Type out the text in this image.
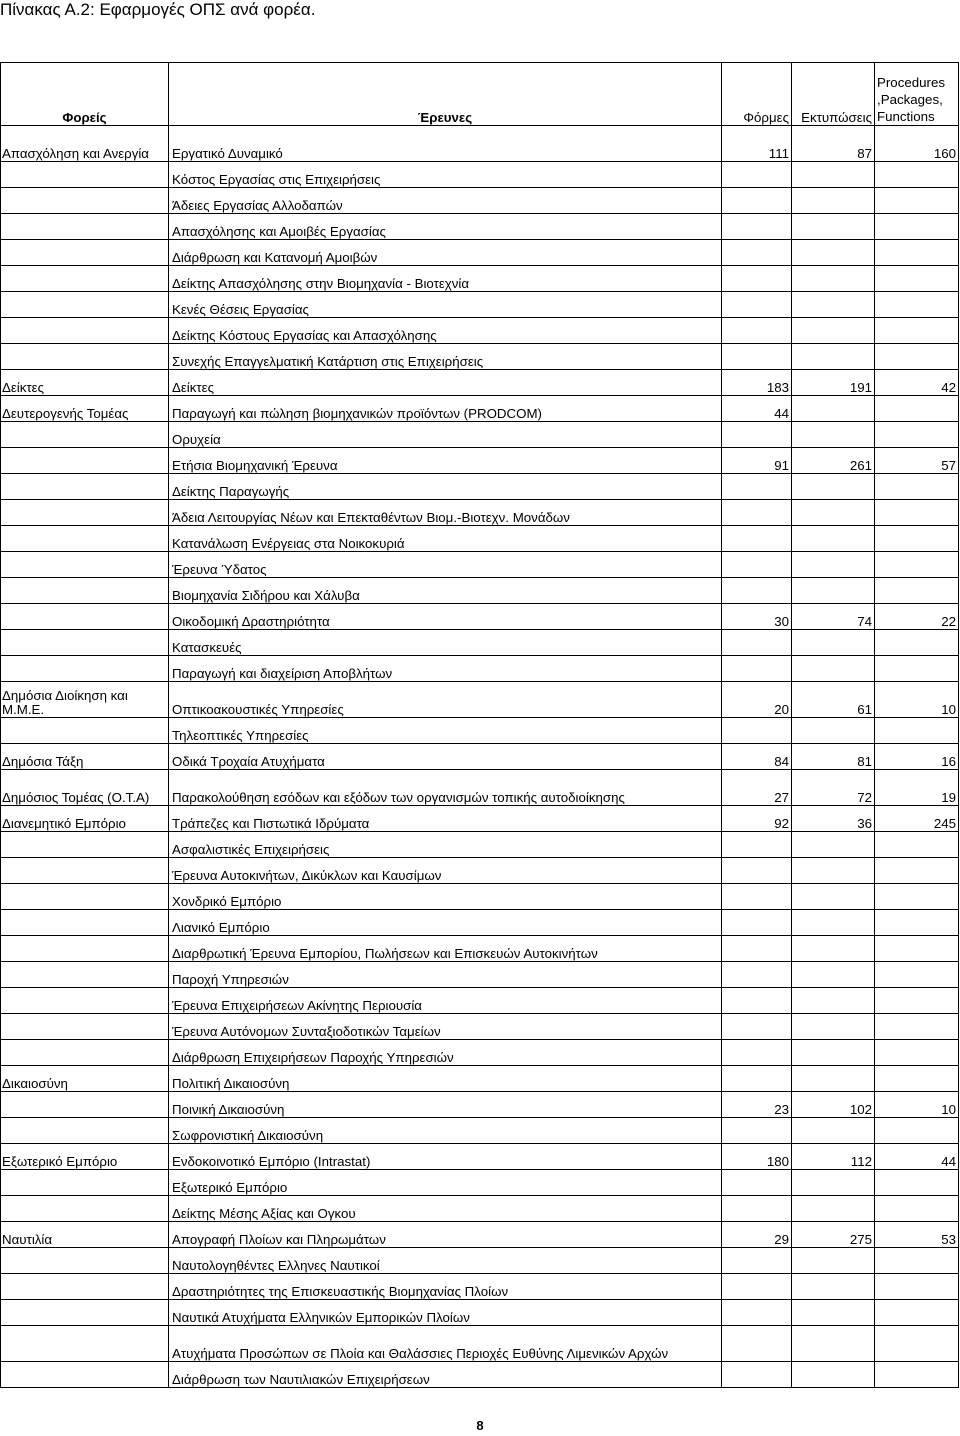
Πίνακας Α.2: Εφαρμογές ΟΠΣ ανά φορέα.
Φορείς	Έρευνες	Φόρμες	Εκτυπώσεις	Procedures ,Packages, Functions
Απασχόληση και Ανεργία	Εργατικό Δυναμικό	111	87	160
	Κόστος Εργασίας στις Επιχειρήσεις			
	Άδειες Εργασίας Αλλοδαπών			
	Απασχόλησης και Αμοιβές Εργασίας			
	Διάρθρωση και Κατανομή Αμοιβών			
	Δείκτης Απασχόλησης στην Βιομηχανία - Βιοτεχνία			
	Κενές Θέσεις Εργασίας			
	Δείκτης Κόστους Εργασίας και Απασχόλησης			
	Συνεχής Επαγγελματική Κατάρτιση στις Επιχειρήσεις			
Δείκτες	Δείκτες	183	191	42
Δευτερογενής Τομέας	Παραγωγή και πώληση βιομηχανικών προϊόντων (PRODCOM)	44		
	Ορυχεία			
	Ετήσια Βιομηχανική Έρευνα	91	261	57
	Δείκτης Παραγωγής			
	Άδεια Λειτουργίας Νέων και Επεκταθέντων Βιομ.-Βιοτεχν. Μονάδων			
	Κατανάλωση Ενέργειας στα Νοικοκυριά			
	Έρευνα Ύδατος			
	Βιομηχανία Σιδήρου και Χάλυβα			
	Οικοδομική Δραστηριότητα	30	74	22
	Κατασκευές			
	Παραγωγή και διαχείριση Αποβλήτων			
Δημόσια Διοίκηση και Μ.Μ.Ε.	Οπτικοακουστικές Υπηρεσίες	20	61	10
	Τηλεοπτικές Υπηρεσίες			
Δημόσια Τάξη	Οδικά Τροχαία Ατυχήματα	84	81	16
Δημόσιος Τομέας (Ο.Τ.Α)	Παρακολούθηση εσόδων και εξόδων των οργανισμών τοπικής αυτοδιοίκησης	27	72	19
Διανεμητικό Εμπόριο	Τράπεζες και Πιστωτικά Ιδρύματα	92	36	245
	Ασφαλιστικές Επιχειρήσεις			
	Έρευνα Αυτοκινήτων, Δικύκλων και Καυσίμων			
	Χονδρικό Εμπόριο			
	Λιανικό Εμπόριο			
	Διαρθρωτική Έρευνα Εμπορίου, Πωλήσεων και Επισκευών Αυτοκινήτων			
	Παροχή Υπηρεσιών			
	Έρευνα Επιχειρήσεων Ακίνητης Περιουσία			
	Έρευνα Αυτόνομων Συνταξιοδοτικών Ταμείων			
	Διάρθρωση Επιχειρήσεων Παροχής Υπηρεσιών			
Δικαιοσύνη	Πολιτική Δικαιοσύνη			
	Ποινική Δικαιοσύνη	23	102	10
	Σωφρονιστική Δικαιοσύνη			
Εξωτερικό Εμπόριο	Ενδοκοινοτικό Εμπόριο (Intrastat)	180	112	44
	Εξωτερικό Εμπόριο			
	Δείκτης Μέσης Αξίας και Ογκου			
Ναυτιλία	Απογραφή Πλοίων και Πληρωμάτων	29	275	53
	Ναυτολογηθέντες Ελληνες Ναυτικοί			
	Δραστηριότητες της Επισκευαστικής Βιομηχανίας Πλοίων			
	Ναυτικά Ατυχήματα Ελληνικών Εμπορικών Πλοίων			
	Ατυχήματα Προσώπων σε Πλοία και Θαλάσσιες Περιοχές Ευθύνης Λιμενικών Αρχών			
	Διάρθρωση των Ναυτιλιακών Επιχειρήσεων			
8
